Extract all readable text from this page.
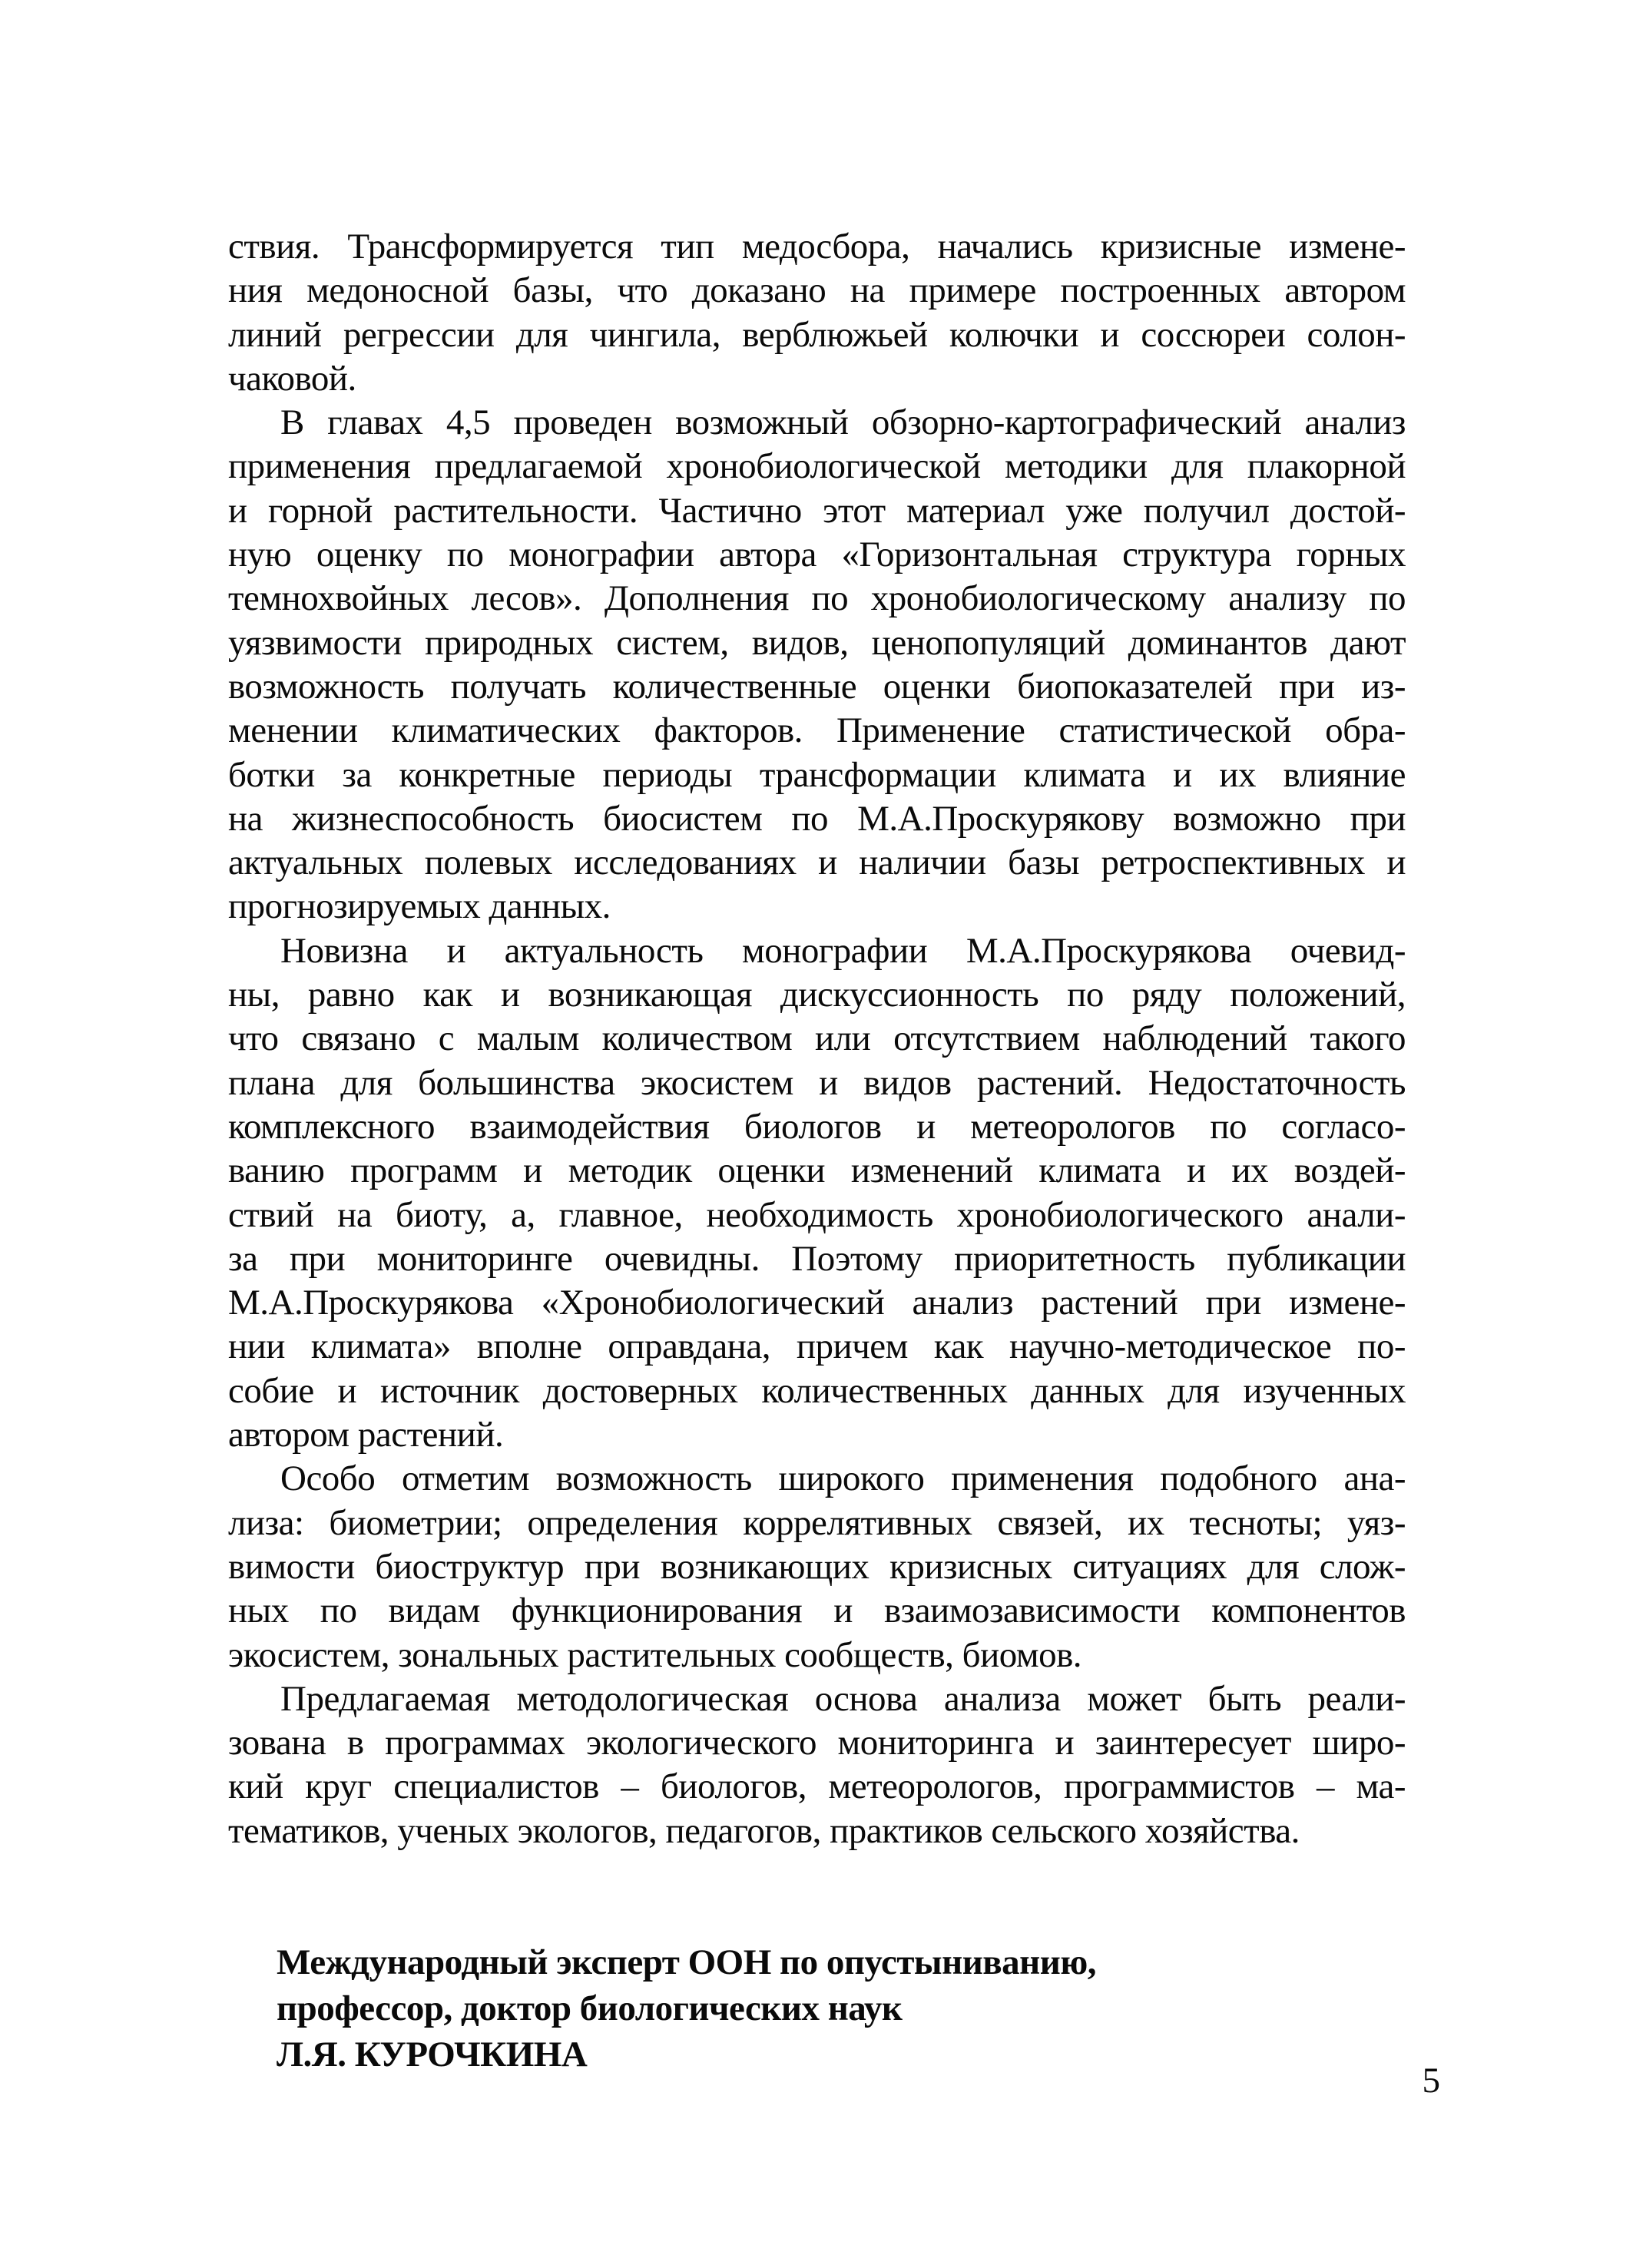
ствия. Трансформируется тип медосбора, начались кризисные измене-
ния медоносной базы, что доказано на примере построенных автором
линий регрессии для чингила, верблюжьей колючки и соссюреи солон-
чаковой.
В главах 4,5 проведен возможный обзорно-картографический анализ
применения предлагаемой хронобиологической методики для плакорной
и горной растительности. Частично этот материал уже получил достой-
ную оценку по монографии автора «Горизонтальная структура горных
темнохвойных лесов». Дополнения по хронобиологическому анализу по
уязвимости природных систем, видов, ценопопуляций доминантов дают
возможность получать количественные оценки биопоказателей при из-
менении климатических факторов. Применение статистической обра-
ботки за конкретные периоды трансформации климата и их влияние
на жизнеспособность биосистем по М.А.Проскурякову возможно при
актуальных полевых исследованиях и наличии базы ретроспективных и
прогнозируемых данных.
Новизна и актуальность монографии М.А.Проскурякова очевид-
ны, равно как и возникающая дискуссионность по ряду положений,
что связано с малым количеством или отсутствием наблюдений такого
плана для большинства экосистем и видов растений. Недостаточность
комплексного взаимодействия биологов и метеорологов по согласо-
ванию программ и методик оценки изменений климата и их воздей-
ствий на биоту, а, главное, необходимость хронобиологического анали-
за при мониторинге очевидны. Поэтому приоритетность публикации
М.А.Проскурякова «Хронобиологический анализ растений при измене-
нии климата» вполне оправдана, причем как научно-методическое по-
собие и источник достоверных количественных данных для изученных
автором растений.
Особо отметим возможность широкого применения подобного ана-
лиза: биометрии; определения коррелятивных связей, их тесноты; уяз-
вимости биоструктур при возникающих кризисных ситуациях для слож-
ных по видам функционирования и взаимозависимости компонентов
экосистем, зональных растительных сообществ, биомов.
Предлагаемая методологическая основа анализа может быть реали-
зована в программах экологического мониторинга и заинтересует широ-
кий круг специалистов – биологов, метеорологов, программистов – ма-
тематиков, ученых экологов, педагогов, практиков сельского хозяйства.
Международный эксперт ООН по опустыниванию,
профессор, доктор биологических наук
Л.Я. КУРОЧКИНА
5
